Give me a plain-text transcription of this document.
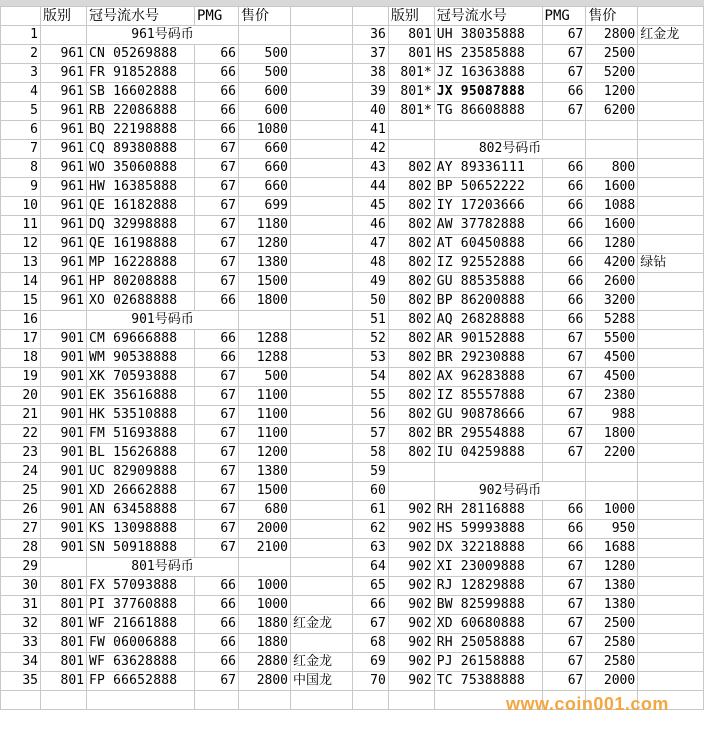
	版别	冠号流水号	PMG	售价	
1		961号码币			
2	961	CN 05269888	66	500	
3	961	FR 91852888	66	500	
4	961	SB 16602888	66	600	
5	961	RB 22086888	66	600	
6	961	BQ 22198888	66	1080	
7	961	CQ 89380888	67	660	
8	961	WO 35060888	67	660	
9	961	HW 16385888	67	660	
10	961	QE 16182888	67	699	
11	961	DQ 32998888	67	1180	
12	961	QE 16198888	67	1280	
13	961	MP 16228888	67	1380	
14	961	HP 80208888	67	1500	
15	961	XO 02688888	66	1800	
16		901号码币			
17	901	CM 69666888	66	1288	
18	901	WM 90538888	66	1288	
19	901	XK 70593888	67	500	
20	901	EK 35616888	67	1100	
21	901	HK 53510888	67	1100	
22	901	FM 51693888	67	1100	
23	901	BL 15626888	67	1200	
24	901	UC 82909888	67	1380	
25	901	XD 26662888	67	1500	
26	901	AN 63458888	67	680	
27	901	KS 13098888	67	2000	
28	901	SN 50918888	67	2100	
29		801号码币			
30	801	FX 57093888	66	1000	
31	801	PI 37760888	66	1000	
32	801	WF 21661888	66	1880	红金龙
33	801	FW 06006888	66	1880	
34	801	WF 63628888	66	2880	红金龙
35	801	FP 66652888	67	2800	中国龙

	版别	冠号流水号	PMG	售价	
36	801	UH 38035888	67	2800	红金龙
37	801	HS 23585888	67	2500	
38	801*	JZ 16363888	67	5200	
39	801*	JX 95087888	66	1200	
40	801*	TG 86608888	67	6200	
41					
42		802号码币			
43	802	AY 89336111	66	800	
44	802	BP 50652222	66	1600	
45	802	IY 17203666	66	1088	
46	802	AW 37782888	66	1600	
47	802	AT 60450888	66	1280	
48	802	IZ 92552888	66	4200	绿钻
49	802	GU 88535888	66	2600	
50	802	BP 86200888	66	3200	
51	802	AQ 26828888	66	5288	
52	802	AR 90152888	67	5500	
53	802	BR 29230888	67	4500	
54	802	AX 96283888	67	4500	
55	802	IZ 85557888	67	2380	
56	802	GU 90878666	67	988	
57	802	BR 29554888	67	1800	
58	802	IU 04259888	67	2200	
59					
60		902号码币			
61	902	RH 28116888	66	1000	
62	902	HS 59993888	66	950	
63	902	DX 32218888	66	1688	
64	902	XI 23009888	67	1280	
65	902	RJ 12829888	67	1380	
66	902	BW 82599888	67	1380	
67	902	XD 60680888	67	2500	
68	902	RH 25058888	67	2580	
69	902	PJ 26158888	67	2580	
70	902	TC 75388888	67	2000	

www.coin001.com
